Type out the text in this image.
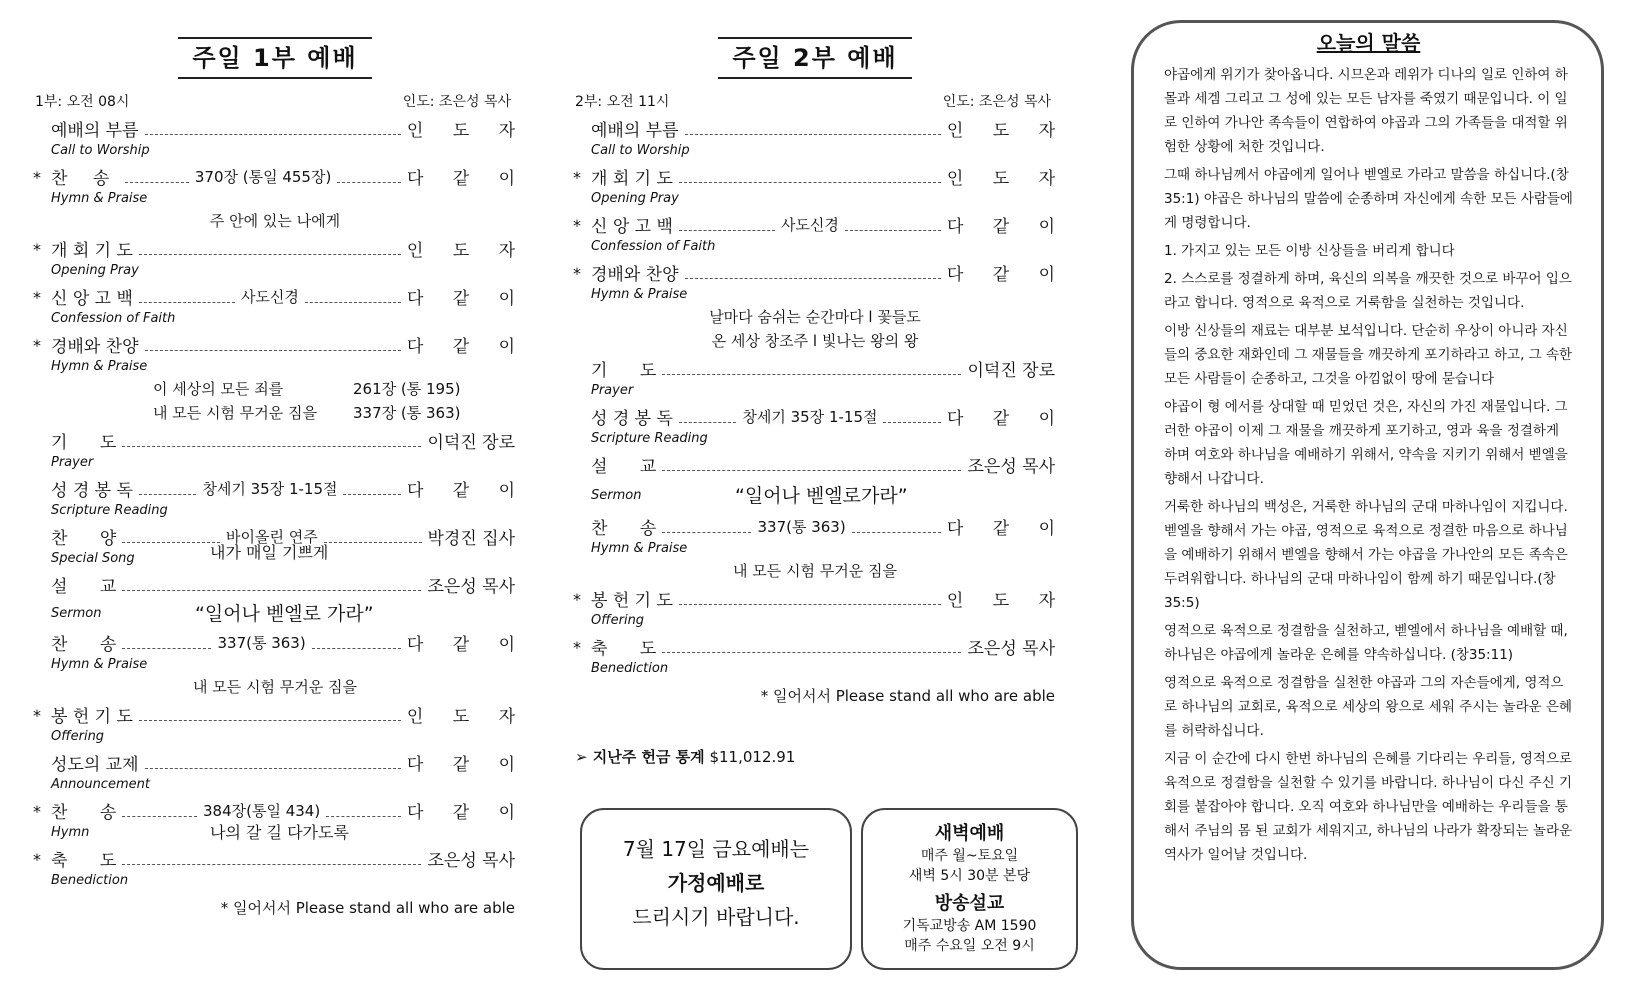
주일 1부 예배
1부: 오전 08시	인도: 조은성 목사
예배의 부름	인 도 자
Call to Worship
* 찬 송	370장 (통일 455장)	다 같 이
Hymn & Praise
주 안에 있는 나에게
* 개 회 기 도	인 도 자
Opening Pray
* 신 앙 고 백	사도신경	다 같 이
Confession of Faith
* 경배와 찬양	다 같 이
Hymn & Praise
이 세상의 모든 죄를	261장 (통 195)
내 모든 시험 무거운 짐을 337장 (통 363)
기      도	이덕진 장로
Prayer
성 경 봉 독	창세기 35장 1-15절	다 같 이
Scripture Reading
찬      양	바이올린 연주	박경진 집사
Special Song	내가 매일 기쁘게
설      교	조은성 목사
Sermon	“일어나 벧엘로 가라”
찬      송	337(통 363)	다 같 이
Hymn & Praise
내 모든 시험 무거운 짐을
* 봉 헌 기 도	인 도 자
Offering
성도의 교제	다 같 이
Announcement
* 찬      송	384장(통일 434)	다 같 이
Hymn	나의 갈 길 다가도록
* 축      도	조은성 목사
Benediction
* 일어서서 Please stand all who are able
주일 2부 예배
2부: 오전 11시	인도: 조은성 목사
예배의 부름	인 도 자
Call to Worship
* 개 회 기 도	인 도 자
Opening Pray
* 신 앙 고 백	사도신경	다 같 이
Confession of Faith
* 경배와 찬양	다 같 이
Hymn & Praise
날마다 숨쉬는 순간마다 l 꽃들도
온 세상 창조주 l 빛나는 왕의 왕
기      도	이덕진 장로
Prayer
성 경 봉 독	창세기 35장 1-15절	다 같 이
Scripture Reading
설      교	조은성 목사
Sermon	“일어나 벧엘로가라”
찬      송	337(통 363)	다 같 이
Hymn & Praise
내 모든 시험 무거운 짐을
* 봉 헌 기 도	인 도 자
Offering
* 축      도	조은성 목사
Benediction
* 일어서서 Please stand all who are able
➢ 지난주 헌금 통계 $11,012.91
7월 17일 금요예배는
가정예배로
드리시기 바랍니다.
새벽예배
매주 월~토요일
새벽 5시 30분 본당
방송설교
기독교방송 AM 1590
매주 수요일 오전 9시
오늘의 말씀

야곱에게 위기가 찾아옵니다. 시므온과 레위가 디나의 일로 인하여 하몰과 세겜 그리고 그 성에 있는 모든 남자를 죽였기 때문입니다. 이 일로 인하여 가나안 족속들이 연합하여 야곱과 그의 가족들을 대적할 위험한 상황에 처한 것입니다.

그때 하나님께서 야곱에게 일어나 벧엘로 가라고 말씀을 하십니다.(창35:1) 야곱은 하나님의 말씀에 순종하며 자신에게 속한 모든 사람들에게 명령합니다.

1. 가지고 있는 모든 이방 신상들을 버리게 합니다

2. 스스로를 정결하게 하며, 육신의 의복을 깨끗한 것으로 바꾸어 입으라고 합니다. 영적으로 육적으로 거룩함을 실천하는 것입니다.

이방 신상들의 재료는 대부분 보석입니다. 단순히 우상이 아니라 자신들의 중요한 재화인데 그 재물들을 깨끗하게 포기하라고 하고, 그 속한 모든 사람들이 순종하고, 그것을 아낌없이 땅에 묻습니다

야곱이 형 에서를 상대할 때 믿었던 것은, 자신의 가진 재물입니다. 그러한 야곱이 이제 그 재물을 깨끗하게 포기하고, 영과 육을 정결하게 하며 여호와 하나님을 예배하기 위해서, 약속을 지키기 위해서 벧엘을 향해서 나갑니다.

거룩한 하나님의 백성은, 거룩한 하나님의 군대 마하나임이 지킵니다. 벧엘을 향해서 가는 야곱, 영적으로 육적으로 정결한 마음으로 하나님을 예배하기 위해서 벧엘을 향해서 가는 야곱을 가나안의 모든 족속은 두려워합니다. 하나님의 군대 마하나임이 함께 하기 때문입니다.(창35:5)

영적으로 육적으로 정결함을 실천하고, 벧엘에서 하나님을 예배할 때, 하나님은 야곱에게 놀라운 은혜를 약속하십니다. (창35:11)

영적으로 육적으로 정결함을 실천한 야곱과 그의 자손들에게, 영적으로 하나님의 교회로, 육적으로 세상의 왕으로 세워 주시는 놀라운 은혜를 허락하십니다.

지금 이 순간에 다시 한번 하나님의 은혜를 기다리는 우리들, 영적으로 육적으로 정결함을 실천할 수 있기를 바랍니다. 하나님이 다신 주신 기회를 붙잡아야 합니다. 오직 여호와 하나님만을 예배하는 우리들을 통해서 주님의 몸 된 교회가 세워지고, 하나님의 나라가 확장되는 놀라운 역사가 일어날 것입니다.
